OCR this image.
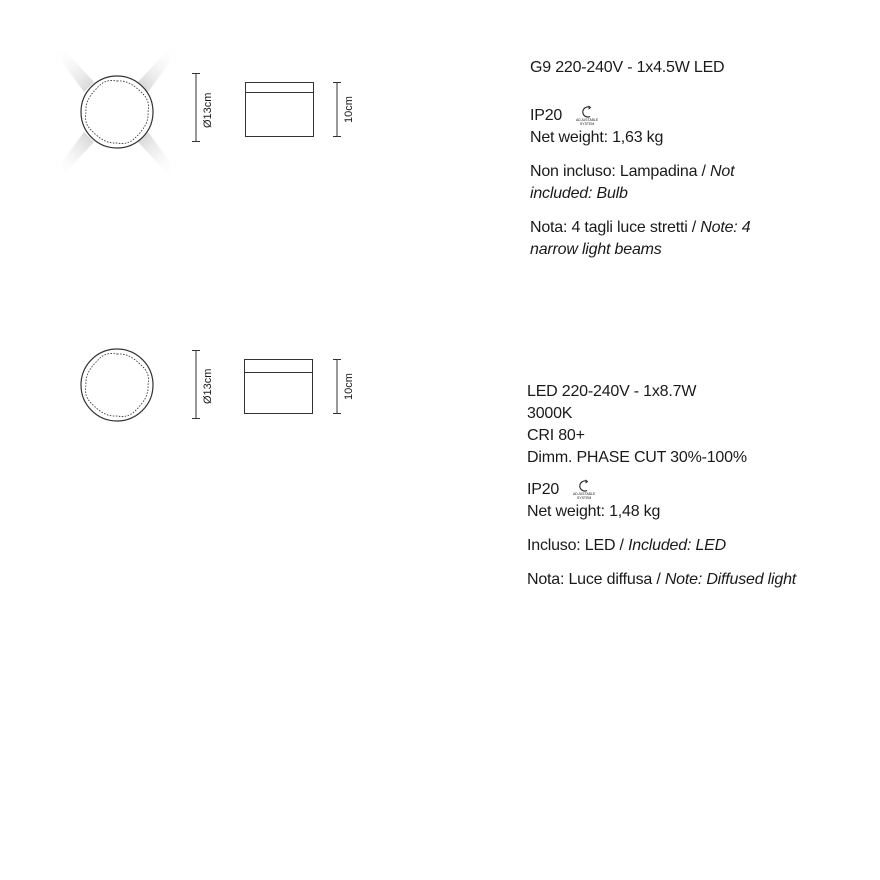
Ø13cm	10cm

G9 220-240V - 1x4.5W LED

IP20	ADJUSTABLE SYSTEM

Net weight: 1,63 kg

Non incluso: Lampadina / Not included: Bulb

Nota: 4 tagli luce stretti / Note: 4 narrow light beams

Ø13cm	10cm	LED 220-240V - 1x8.7W

3000K

CRI 80+

Dimm. PHASE CUT 30%-100%

IP20	ADJUSTABLE SYSTEM

Net weight: 1,48 kg

Incluso: LED / Included: LED

Nota: Luce diffusa / Note: Diffused light
